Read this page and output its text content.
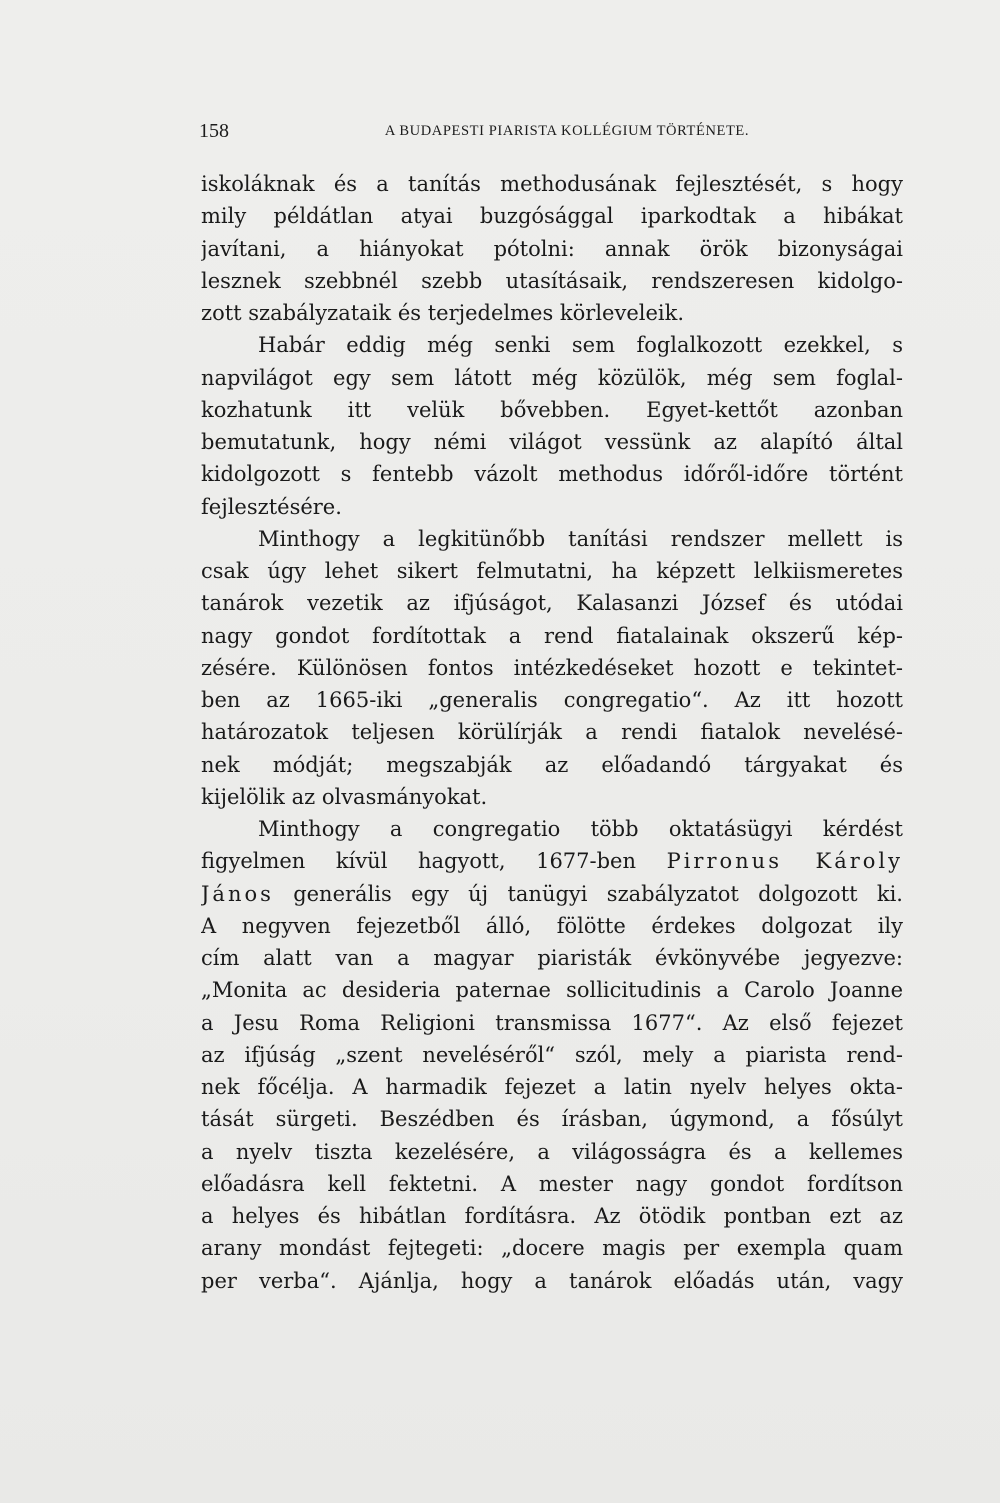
158	A BUDAPESTI PIARISTA KOLLÉGIUM TÖRTÉNETE.
iskoláknak és a tanítás methodusának fejlesztését, s hogy
mily példátlan atyai buzgósággal iparkodtak a hibákat
javítani, a hiányokat pótolni: annak örök bizonyságai
lesznek szebbnél szebb utasításaik, rendszeresen kidolgo-
zott szabályzataik és terjedelmes körleveleik.
Habár eddig még senki sem foglalkozott ezekkel, s
napvilágot egy sem látott még közülök, még sem foglal-
kozhatunk itt velük bővebben. Egyet-kettőt azonban
bemutatunk, hogy némi világot vessünk az alapító által
kidolgozott s fentebb vázolt methodus időről-időre történt
fejlesztésére.
Minthogy a legkitünőbb tanítási rendszer mellett is
csak úgy lehet sikert felmutatni, ha képzett lelkiismeretes
tanárok vezetik az ifjúságot, Kalasanzi József és utódai
nagy gondot fordítottak a rend fiatalainak okszerű kép-
zésére. Különösen fontos intézkedéseket hozott e tekintet-
ben az 1665-iki „generalis congregatio“. Az itt hozott
határozatok teljesen körülírják a rendi fiatalok nevelésé-
nek módját; megszabják az előadandó tárgyakat és
kijelölik az olvasmányokat.
Minthogy a congregatio több oktatásügyi kérdést
figyelmen kívül hagyott, 1677-ben Pirronus Károly
János generális egy új tanügyi szabályzatot dolgozott ki.
A negyven fejezetből álló, fölötte érdekes dolgozat ily
cím alatt van a magyar piaristák évkönyvébe jegyezve:
„Monita ac desideria paternae sollicitudinis a Carolo Joanne
a Jesu Roma Religioni transmissa 1677“. Az első fejezet
az ifjúság „szent neveléséről“ szól, mely a piarista rend-
nek főcélja. A harmadik fejezet a latin nyelv helyes okta-
tását sürgeti. Beszédben és írásban, úgymond, a fősúlyt
a nyelv tiszta kezelésére, a világosságra és a kellemes
előadásra kell fektetni. A mester nagy gondot fordítson
a helyes és hibátlan fordításra. Az ötödik pontban ezt az
arany mondást fejtegeti: „docere magis per exempla quam
per verba“. Ajánlja, hogy a tanárok előadás után, vagy
